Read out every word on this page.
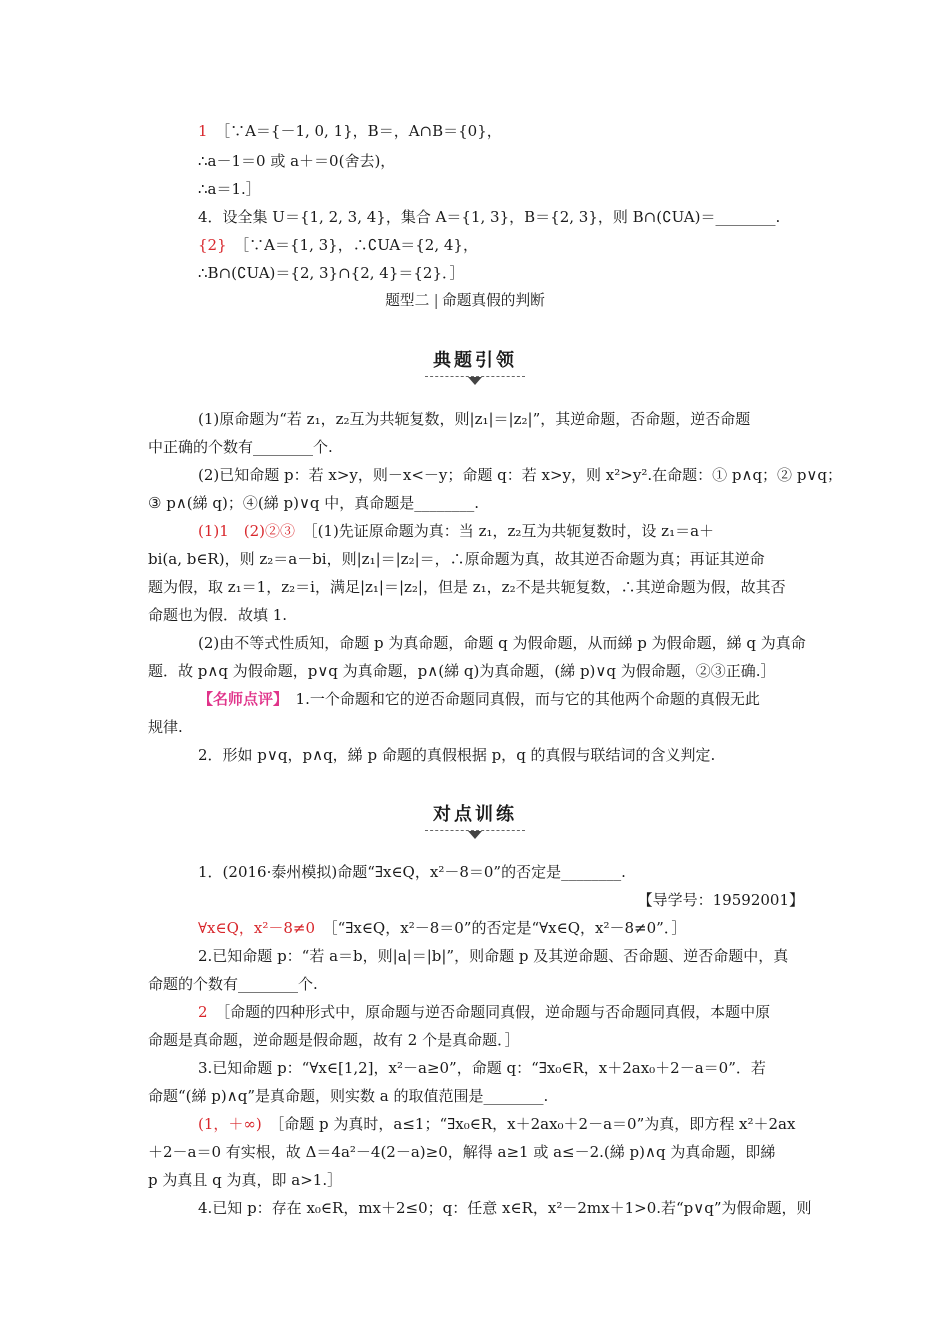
1　 ［∵A＝{－1, 0, 1}，B＝，A∩B＝{0}，
∴a－1＝0 或 a＋＝0(舍去)，
∴a＝1.］
4．设全集 U＝{1, 2, 3, 4}，集合 A＝{1, 3}，B＝{2, 3}，则 B∩(∁UA)＝________.
{2}　 ［∵A＝{1, 3}，∴∁UA＝{2, 4}，
∴B∩(∁UA)＝{2, 3}∩{2, 4}＝{2}．］
题型二 命题真假的判断
典题引领
(1)原命题为“若 z₁，z₂互为共轭复数，则|z₁|＝|z₂|”，其逆命题，否命题，逆否命题
中正确的个数有________个.
(2)已知命题 p：若 x>y，则－x<－y；命题 q：若 x>y，则 x²>y².在命题：① p∧q；② p∨q；
③ p∧(綈 q)；④(綈 p)∨q 中，真命题是________.
(1)1　(2)②③　 ［(1)先证原命题为真：当 z₁，z₂互为共轭复数时，设 z₁＝a＋
bi(a, b∈R)，则 z₂＝a－bi，则|z₁|＝|z₂|＝，∴原命题为真，故其逆否命题为真；再证其逆命
题为假，取 z₁＝1，z₂＝i，满足|z₁|＝|z₂|，但是 z₁，z₂不是共轭复数，∴其逆命题为假，故其否
命题也为假．故填 1.
(2)由不等式性质知，命题 p 为真命题，命题 q 为假命题，从而綈 p 为假命题，綈 q 为真命
题．故 p∧q 为假命题，p∨q 为真命题，p∧(綈 q)为真命题，(綈 p)∨q 为假命题，②③正确.］
【名师点评】　 1.一个命题和它的逆否命题同真假，而与它的其他两个命题的真假无此
规律.
2．形如 p∨q，p∧q，綈 p 命题的真假根据 p，q 的真假与联结词的含义判定.
对点训练
1．(2016·泰州模拟)命题“∃x∈Q，x²－8＝0”的否定是________.
【导学号：19592001】
∀x∈Q，x²－8≠0　 ［“∃x∈Q，x²－8＝0”的否定是“∀x∈Q，x²－8≠0”．］
2.已知命题 p：“若 a＝b，则|a|＝|b|”，则命题 p 及其逆命题、否命题、逆否命题中，真
命题的个数有________个.
2　 ［命题的四种形式中，原命题与逆否命题同真假，逆命题与否命题同真假，本题中原
命题是真命题，逆命题是假命题，故有 2 个是真命题．］
3.已知命题 p：“∀x∈[1,2]，x²－a≥0”，命题 q：“∃x₀∈R，x＋2ax₀＋2－a＝0”．若
命题“(綈 p)∧q”是真命题，则实数 a 的取值范围是________.
(1，＋∞)　 ［命题 p 为真时，a≤1；“∃x₀∈R，x＋2ax₀＋2－a＝0”为真，即方程 x²＋2ax
＋2－a＝0 有实根，故 Δ＝4a²－4(2－a)≥0，解得 a≥1 或 a≤－2.(綈 p)∧q 为真命题，即綈
p 为真且 q 为真，即 a>1.］
4.已知 p：存在 x₀∈R，mx＋2≤0；q：任意 x∈R，x²－2mx＋1>0.若“p∨q”为假命题，则
